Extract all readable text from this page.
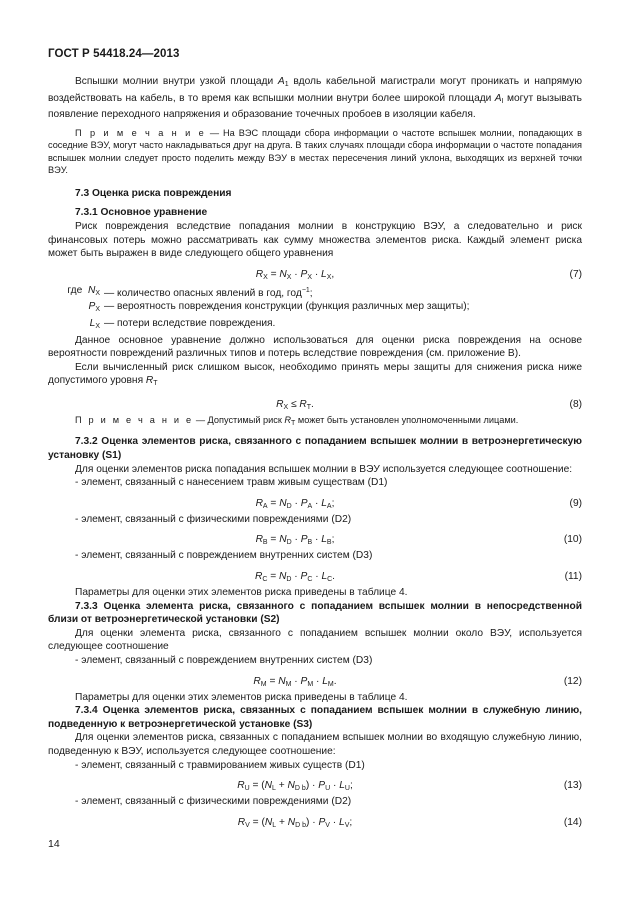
ГОСТ Р 54418.24—2013

Вспышки молнии внутри узкой площади $A_1$ вдоль кабельной магистрали могут проникать и напрямую воздействовать на кабель, в то время как вспышки молнии внутри более широкой площади $A_I$ могут вызывать появление переходного напряжения и образование точечных пробоев в изоляции кабеля.

П р и м е ч а н и е — На ВЭС площади сбора информации о частоте вспышек молнии, попадающих в соседние ВЭУ, могут часто накладываться друг на друга. В таких случаях площади сбора информации о частоте попадания вспышек молнии следует просто поделить между ВЭУ в местах пересечения линий уклона, выходящих из верхней точки ВЭУ.

7.3 Оценка риска повреждения

7.3.1 Основное уравнение

Риск повреждения вследствие попадания молнии в конструкцию ВЭУ, а следовательно и риск финансовых потерь можно рассматривать как сумму множества элементов риска. Каждый элемент риска может быть выражен в виде следующего общего уравнения

$R_X = N_X \cdot P_X \cdot L_X$,	(7)
где $N_X$ — количество опасных явлений в год, год$^{-1}$;
$P_X$ — вероятность повреждения конструкции (функция различных мер защиты);
$L_X$ — потери вследствие повреждения.

Данное основное уравнение должно использоваться для оценки риска повреждения на основе вероятности повреждений различных типов и потерь вследствие повреждения (см. приложение В).

Если вычисленный риск слишком высок, необходимо принять меры защиты для снижения риска ниже допустимого уровня $R_T$

$R_X \le R_T$.	(8)

П р и м е ч а н и е — Допустимый риск $R_T$ может быть установлен уполномоченными лицами.

7.3.2 Оценка элементов риска, связанного с попаданием вспышек молнии в ветроэнергетическую установку (S1)

Для оценки элементов риска попадания вспышек молнии в ВЭУ используется следующее соотношение:

- элемент, связанный с нанесением травм живым существам (D1)

$R_A = N_D \cdot P_A \cdot L_A$;	(9)

- элемент, связанный с физическими повреждениями (D2)

$R_B = N_D \cdot P_B \cdot L_B$;	(10)

- элемент, связанный с повреждением внутренних систем (D3)

$R_C = N_D \cdot P_C \cdot L_C$.	(11)

Параметры для оценки этих элементов риска приведены в таблице 4.

7.3.3 Оценка элемента риска, связанного с попаданием вспышек молнии в непосредственной близи от ветроэнергетической установки (S2)

Для оценки элемента риска, связанного с попаданием вспышек молнии около ВЭУ, используется следующее соотношение

- элемент, связанный с повреждением внутренних систем (D3)

$R_M = N_M \cdot P_M \cdot L_M$.	(12)

Параметры для оценки этих элементов риска приведены в таблице 4.

7.3.4 Оценка элементов риска, связанных с попаданием вспышек молнии в служебную линию, подведенную к ветроэнергетической установке (S3)

Для оценки элементов риска, связанных с попаданием вспышек молнии во входящую служебную линию, подведенную к ВЭУ, используется следующее соотношение:

- элемент, связанный с травмированием живых существ (D1)

$R_U = (N_L + N_{D b}) \cdot P_U \cdot L_U$;	(13)

- элемент, связанный с физическими повреждениями (D2)

$R_V = (N_L + N_{D b}) \cdot P_V \cdot L_V$;	(14)
14
